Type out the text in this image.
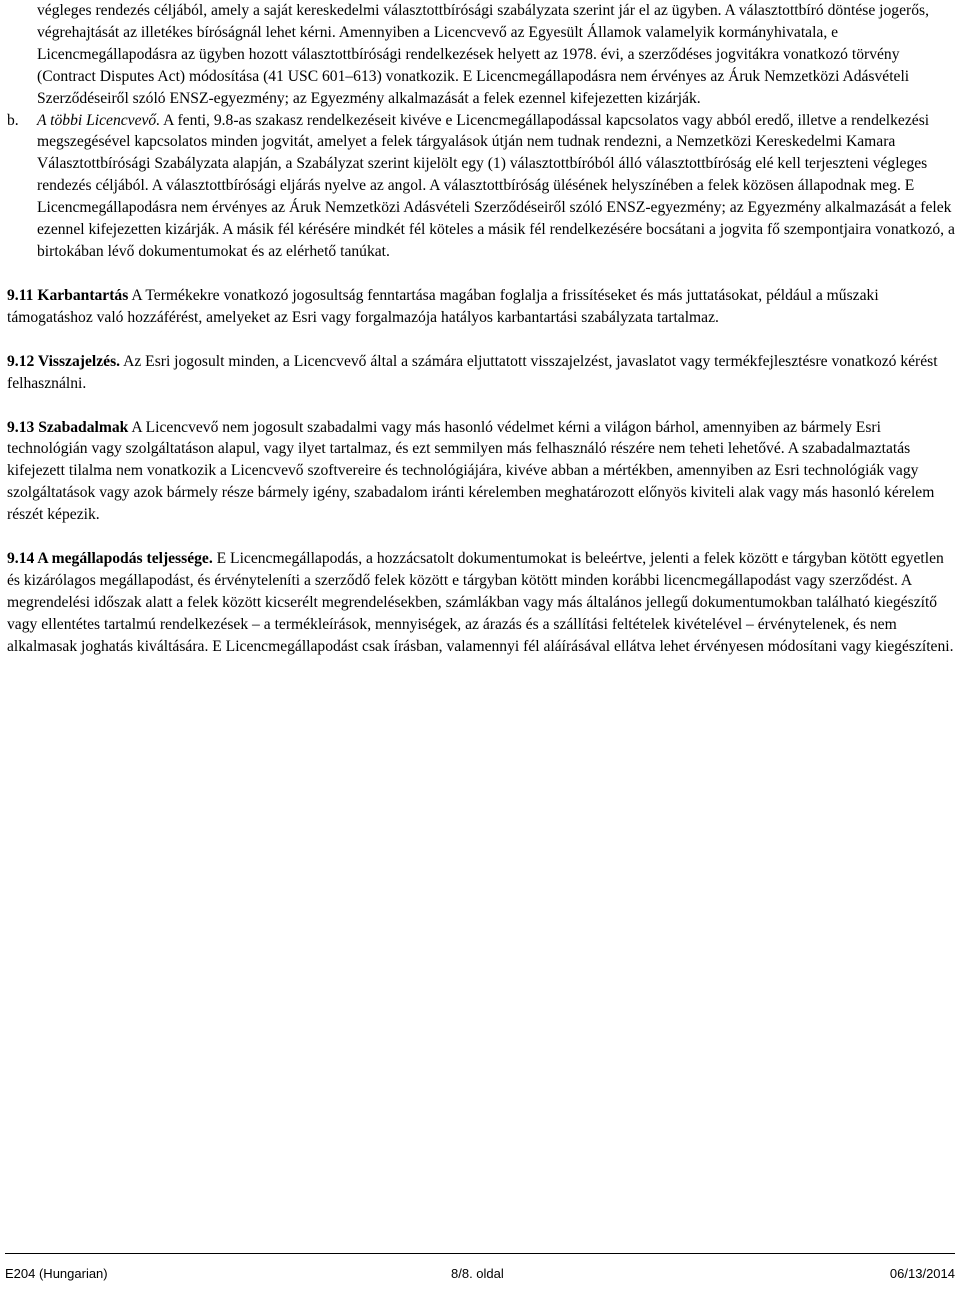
végleges rendezés céljából, amely a saját kereskedelmi választottbírósági szabályzata szerint jár el az ügyben. A választottbíró döntése jogerős, végrehajtását az illetékes bíróságnál lehet kérni. Amennyiben a Licencvevő az Egyesült Államok valamelyik kormányhivatala, e Licencmegállapodásra az ügyben hozott választottbírósági rendelkezések helyett az 1978. évi, a szerződéses jogvitákra vonatkozó törvény (Contract Disputes Act) módosítása (41 USC 601–613) vonatkozik. E Licencmegállapodásra nem érvényes az Áruk Nemzetközi Adásvételi Szerződéseiről szóló ENSZ-egyezmény; az Egyezmény alkalmazását a felek ezennel kifejezetten kizárják.

b.	A többi Licencvevő. A fenti, 9.8-as szakasz rendelkezéseit kivéve e Licencmegállapodással kapcsolatos vagy abból eredő, illetve a rendelkezési megszegésével kapcsolatos minden jogvitát, amelyet a felek tárgyalások útján nem tudnak rendezni, a Nemzetközi Kereskedelmi Kamara Választottbírósági Szabályzata alapján, a Szabályzat szerint kijelölt egy (1) választottbíróból álló választottbíróság elé kell terjeszteni végleges rendezés céljából. A választottbírósági eljárás nyelve az angol. A választottbíróság ülésének helyszínében a felek közösen állapodnak meg. E Licencmegállapodásra nem érvényes az Áruk Nemzetközi Adásvételi Szerződéseiről szóló ENSZ-egyezmény; az Egyezmény alkalmazását a felek ezennel kifejezetten kizárják. A másik fél kérésére mindkét fél köteles a másik fél rendelkezésére bocsátani a jogvita fő szempontjaira vonatkozó, a birtokában lévő dokumentumokat és az elérhető tanúkat.

9.11 Karbantartás A Termékekre vonatkozó jogosultság fenntartása magában foglalja a frissítéseket és más juttatásokat, például a műszaki támogatáshoz való hozzáférést, amelyeket az Esri vagy forgalmazója hatályos karbantartási szabályzata tartalmaz.

9.12 Visszajelzés. Az Esri jogosult minden, a Licencvevő által a számára eljuttatott visszajelzést, javaslatot vagy termékfejlesztésre vonatkozó kérést felhasználni.

9.13 Szabadalmak A Licencvevő nem jogosult szabadalmi vagy más hasonló védelmet kérni a világon bárhol, amennyiben az bármely Esri technológián vagy szolgáltatáson alapul, vagy ilyet tartalmaz, és ezt semmilyen más felhasználó részére nem teheti lehetővé. A szabadalmaztatás kifejezett tilalma nem vonatkozik a Licencvevő szoftvereire és technológiájára, kivéve abban a mértékben, amennyiben az Esri technológiák vagy szolgáltatások vagy azok bármely része bármely igény, szabadalom iránti kérelemben meghatározott előnyös kiviteli alak vagy más hasonló kérelem részét képezik.

9.14 A megállapodás teljessége. E Licencmegállapodás, a hozzácsatolt dokumentumokat is beleértve, jelenti a felek között e tárgyban kötött egyetlen és kizárólagos megállapodást, és érvényteleníti a szerződő felek között e tárgyban kötött minden korábbi licencmegállapodást vagy szerződést. A megrendelési időszak alatt a felek között kicserélt megrendelésekben, számlákban vagy más általános jellegű dokumentumokban található kiegészítő vagy ellentétes tartalmú rendelkezések – a termékleírások, mennyiségek, az árazás és a szállítási feltételek kivételével – érvénytelenek, és nem alkalmasak joghatás kiváltására. E Licencmegállapodást csak írásban, valamennyi fél aláírásával ellátva lehet érvényesen módosítani vagy kiegészíteni.

E204 (Hungarian)	8/8. oldal	06/13/2014
